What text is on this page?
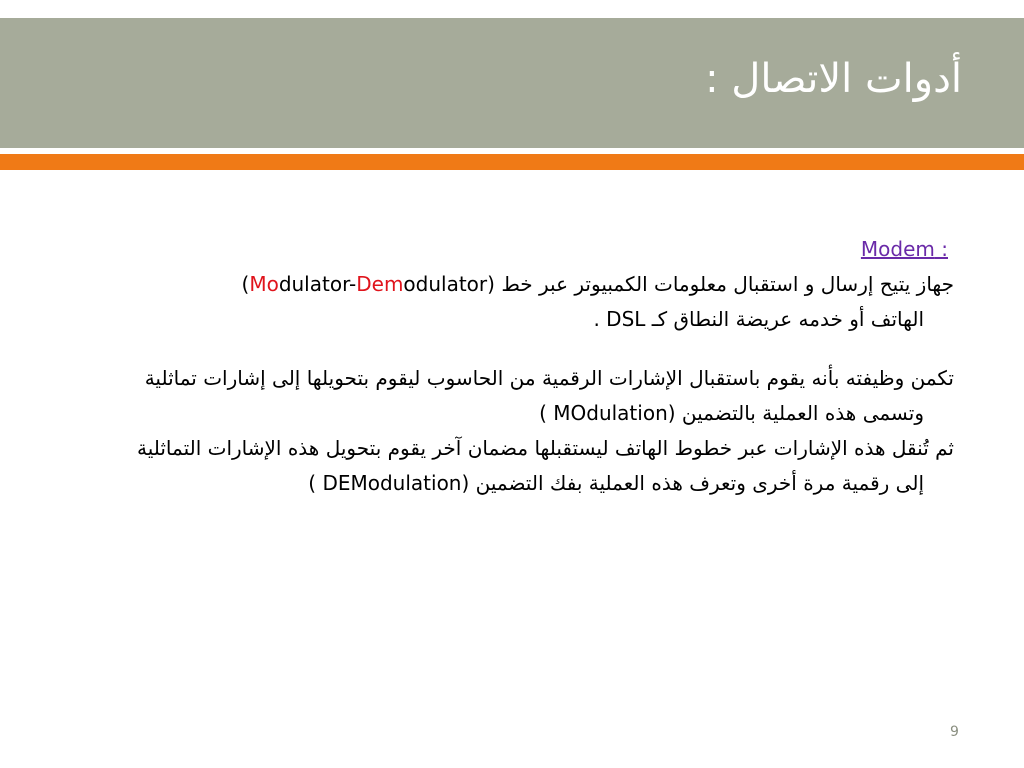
أدوات الاتصال :

: Modem

جهاز يتيح إرسال و استقبال معلومات الكمبيوتر عبر خط (Modulator-Demodulator)
الهاتف أو خدمه عريضة النطاق كـ DSL .

تكمن وظيفته بأنه يقوم باستقبال الإشارات الرقمية من الحاسوب ليقوم بتحويلها إلى إشارات تماثلية
وتسمى هذه العملية بالتضمين (MOdulation )

ثم تُنقل هذه الإشارات عبر خطوط الهاتف ليستقبلها مضمان آخر يقوم بتحويل هذه الإشارات التماثلية
إلى رقمية مرة أخرى وتعرف هذه العملية بفك التضمين (DEModulation )

9
